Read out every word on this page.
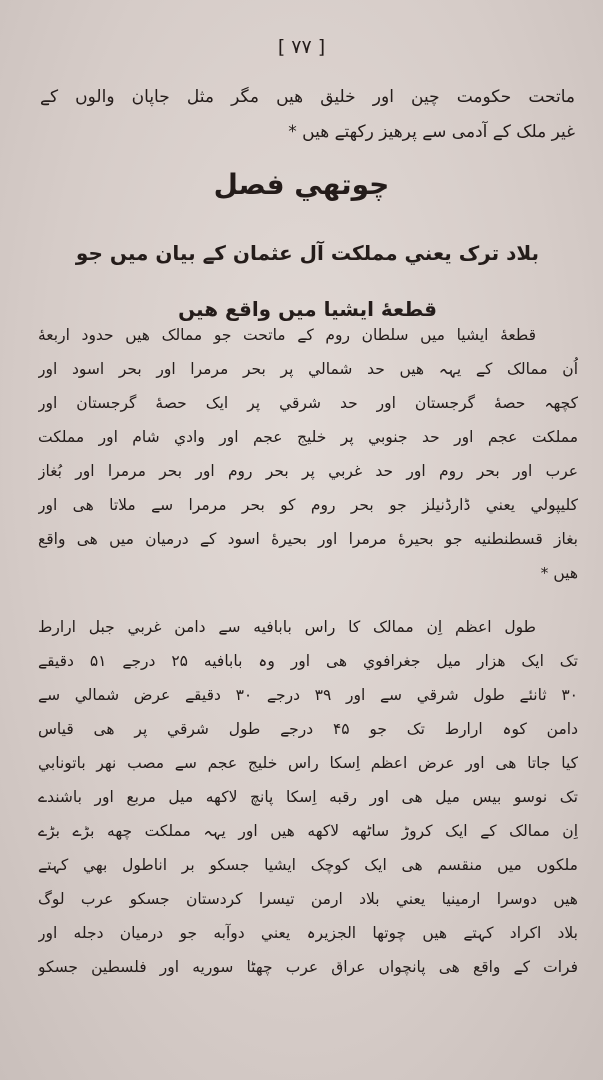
[ ٧٧ ]
ماتحت حکومت چین اور خلیق هیں مگر مثل جاپان والوں کے
غیر ملک کے آدمی سے پرهیز رکھتے هیں *
چوتھي فصل
بلاد ترک یعني مملکت آل عثمان کے بیان میں جو
قطعهٔ ایشیا میں واقع هیں
قطعهٔ ایشیا میں سلطان روم کے ماتحت جو ممالک هیں حدود اربعهٔ
اُن ممالک کے یہہ هیں حد شمالي پر بحر مرمرا اور بحر اسود اور
کچھہ حصهٔ گرجستان اور حد شرقي پر ایک حصهٔ گرجستان اور
مملکت عجم اور حد جنوبي پر خلیج عجم اور وادي شام اور مملکت
عرب اور بحر روم اور حد غربي پر بحر روم اور بحر مرمرا اور بُغاز
کلیپولي یعني ڈارڈنیلز جو بحر روم کو بحر مرمرا سے ملاتا هی اور
بغاز قسطنطنیه جو بحیرهٔ مرمرا اور بحیرهٔ اسود کے درمیان میں هی واقع
هیں *
طول اعظم اِن ممالک کا راس بابافیه سے دامن غربي جبل ارارط
تک ایک هزار میل جغرافوي هی اور وہ بابافیه ۲۵ درجے ۵۱ دقیقے
۳۰ ثانئے طول شرقي سے اور ۳۹ درجے ۳۰ دقیقے عرض شمالي سے
دامن کوہ ارارط تک جو ۴۵ درجے طول شرقي پر هی قیاس
کیا جاتا هی اور عرض اعظم اِسکا راس خلیج عجم سے مصب نهر باتونابي
تک نوسو بیس میل هی اور رقبه اِسکا پانچ لاکھه میل مربع اور باشندے
اِن ممالک کے ایک کروڑ ساٹھه لاکھه هیں اور یہہ مملکت چھه بڑے بڑے
ملکوں میں منقسم هی ایک کوچک ایشیا جسکو بر اناطول بھي کہتے
هیں دوسرا ارمینیا یعني بلاد ارمن تیسرا کردستان جسکو عرب لوگ
بلاد اکراد کہتے هیں چوتھا الجزیرہ یعني دوآبه جو درمیان دجله اور
فرات کے واقع هی پانچواں عراق عرب چھٹا سوریه اور فلسطین جسکو
